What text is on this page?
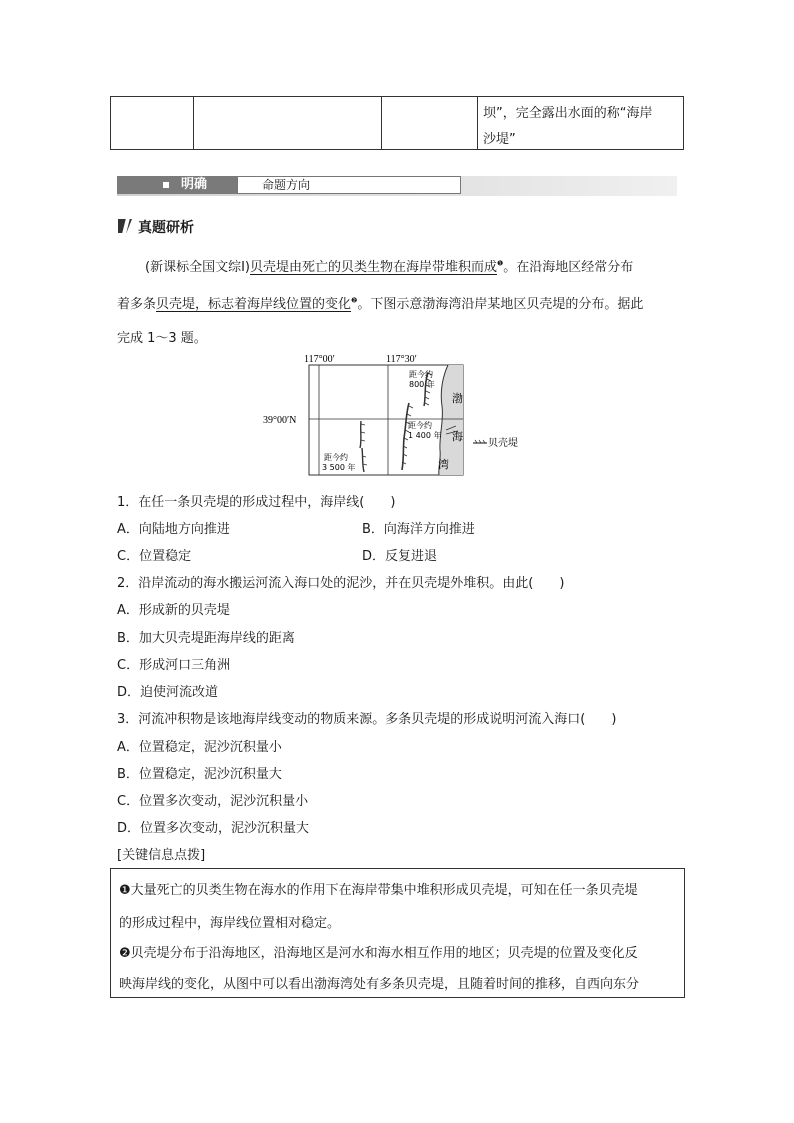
坝”，完全露出水面的称“海岸
沙堤”
明确	命题方向
真题研析
(新课标全国文综Ⅰ)贝壳堤由死亡的贝类生物在海岸带堆积而成$^❶$。在沿海地区经常分布
着多条贝壳堤，标志着海岸线位置的变化$^❷$。下图示意渤海湾沿岸某地区贝壳堤的分布。据此
完成 1～3 题。
117°00′	117°30′
39°00′N
距今约
800 年
距今约
1 400 年
距今约
3 500 年
渤
海
湾
贝壳堤
1．在任一条贝壳堤的形成过程中，海岸线(　　)
A．向陆地方向推进	B．向海洋方向推进
C．位置稳定	D．反复进退
2．沿岸流动的海水搬运河流入海口处的泥沙，并在贝壳堤外堆积。由此(　　)
A．形成新的贝壳堤
B．加大贝壳堤距海岸线的距离
C．形成河口三角洲
D．迫使河流改道
3．河流冲积物是该地海岸线变动的物质来源。多条贝壳堤的形成说明河流入海口(　　)
A．位置稳定，泥沙沉积量小
B．位置稳定，泥沙沉积量大
C．位置多次变动，泥沙沉积量小
D．位置多次变动，泥沙沉积量大
[关键信息点拨]
❶大量死亡的贝类生物在海水的作用下在海岸带集中堆积形成贝壳堤，可知在任一条贝壳堤
的形成过程中，海岸线位置相对稳定。
❷贝壳堤分布于沿海地区，沿海地区是河水和海水相互作用的地区；贝壳堤的位置及变化反
映海岸线的变化，从图中可以看出渤海湾处有多条贝壳堤，且随着时间的推移，自西向东分
